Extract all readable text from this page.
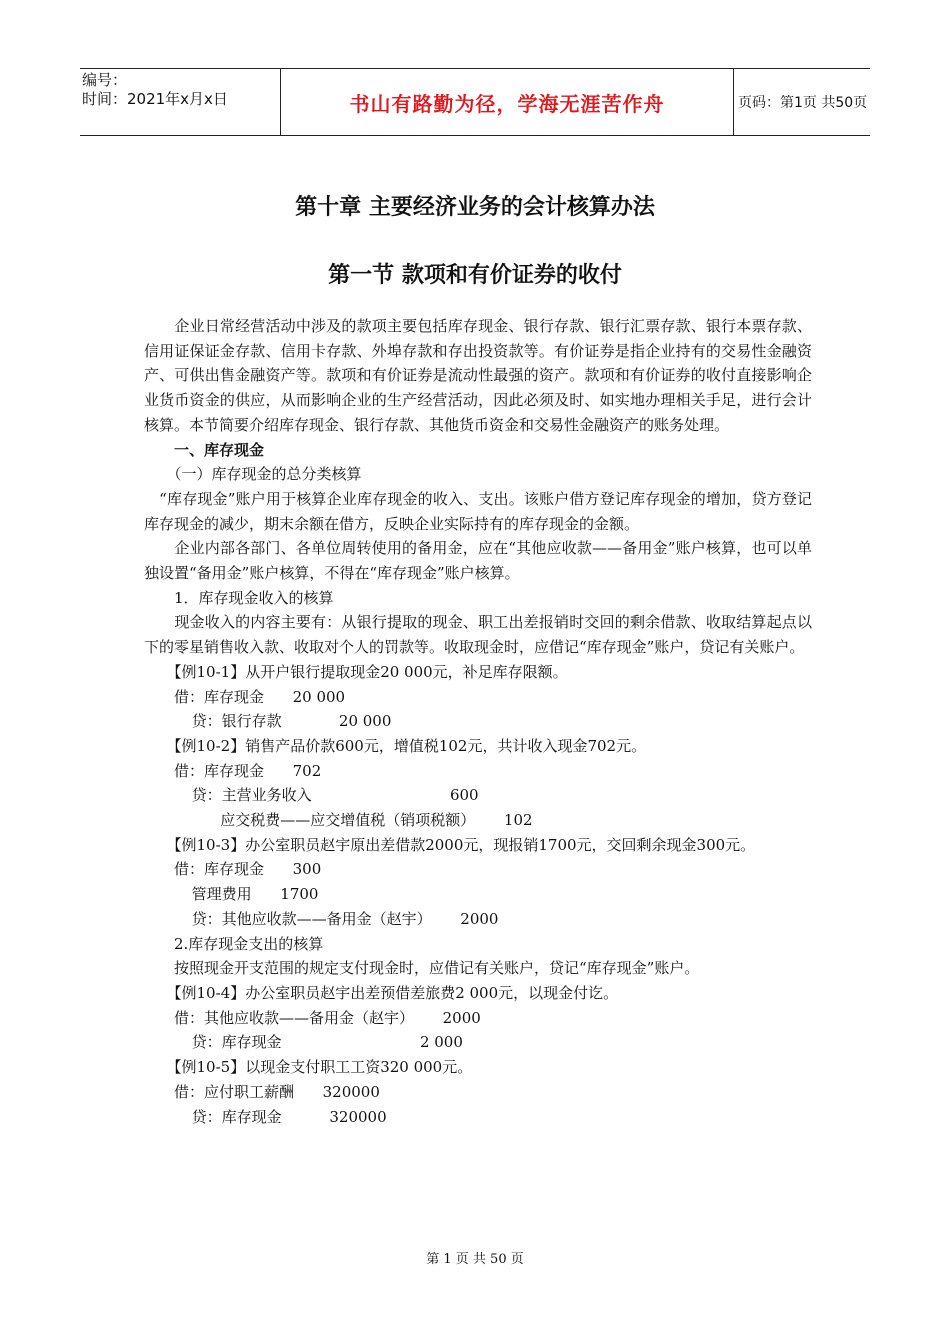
编号：
时间：2021年x月x日	书山有路勤为径，学海无涯苦作舟	页码：第1页 共50页
第十章 主要经济业务的会计核算办法
第一节 款项和有价证券的收付

　　企业日常经营活动中涉及的款项主要包括库存现金、银行存款、银行汇票存款、银行本票存款、信用证保证金存款、信用卡存款、外埠存款和存出投资款等。有价证券是指企业持有的交易性金融资产、可供出售金融资产等。款项和有价证券是流动性最强的资产。款项和有价证券的收付直接影响企业货币资金的供应，从而影响企业的生产经营活动，因此必须及时、如实地办理相关手足，进行会计核算。本节简要介绍库存现金、银行存款、其他货币资金和交易性金融资产的账务处理。

　　一、库存现金

　　（一）库存现金的总分类核算

　“库存现金”账户用于核算企业库存现金的收入、支出。该账户借方登记库存现金的增加，贷方登记库存现金的减少，期末余额在借方，反映企业实际持有的库存现金的金额。

　　企业内部各部门、各单位周转使用的备用金，应在“其他应收款——备用金”账户核算，也可以单独设置“备用金”账户核算，不得在“库存现金”账户核算。

　　1．库存现金收入的核算

　　现金收入的内容主要有：从银行提取的现金、职工出差报销时交回的剩余借款、收取结算起点以下的零星销售收入款、收取对个人的罚款等。收取现金时，应借记“库存现金”账户，贷记有关账户。

　　【例10-1】从开户银行提取现金20 000元，补足库存限额。

　　借：库存现金      20 000

贷：银行存款            20 000

　　【例10-2】销售产品价款600元，增值税102元，共计收入现金702元。

　　借：库存现金      702

贷：主营业务收入                             600

应交税费——应交增值税（销项税额）      102

　　【例10-3】办公室职员赵宇原出差借款2000元，现报销1700元，交回剩余现金300元。

　　借：库存现金      300

管理费用      1700

贷：其他应收款——备用金（赵宇）      2000

　　2.库存现金支出的核算

　　按照现金开支范围的规定支付现金时，应借记有关账户，贷记“库存现金”账户。

　　【例10-4】办公室职员赵宇出差预借差旅费2 000元，以现金付讫。

　　借：其他应收款——备用金（赵宇）      2000

贷：库存现金                             2 000

　　【例10-5】以现金支付职工工资320 000元。

　　借：应付职工薪酬      320000

贷：库存现金          320000

第 1 页 共 50 页
